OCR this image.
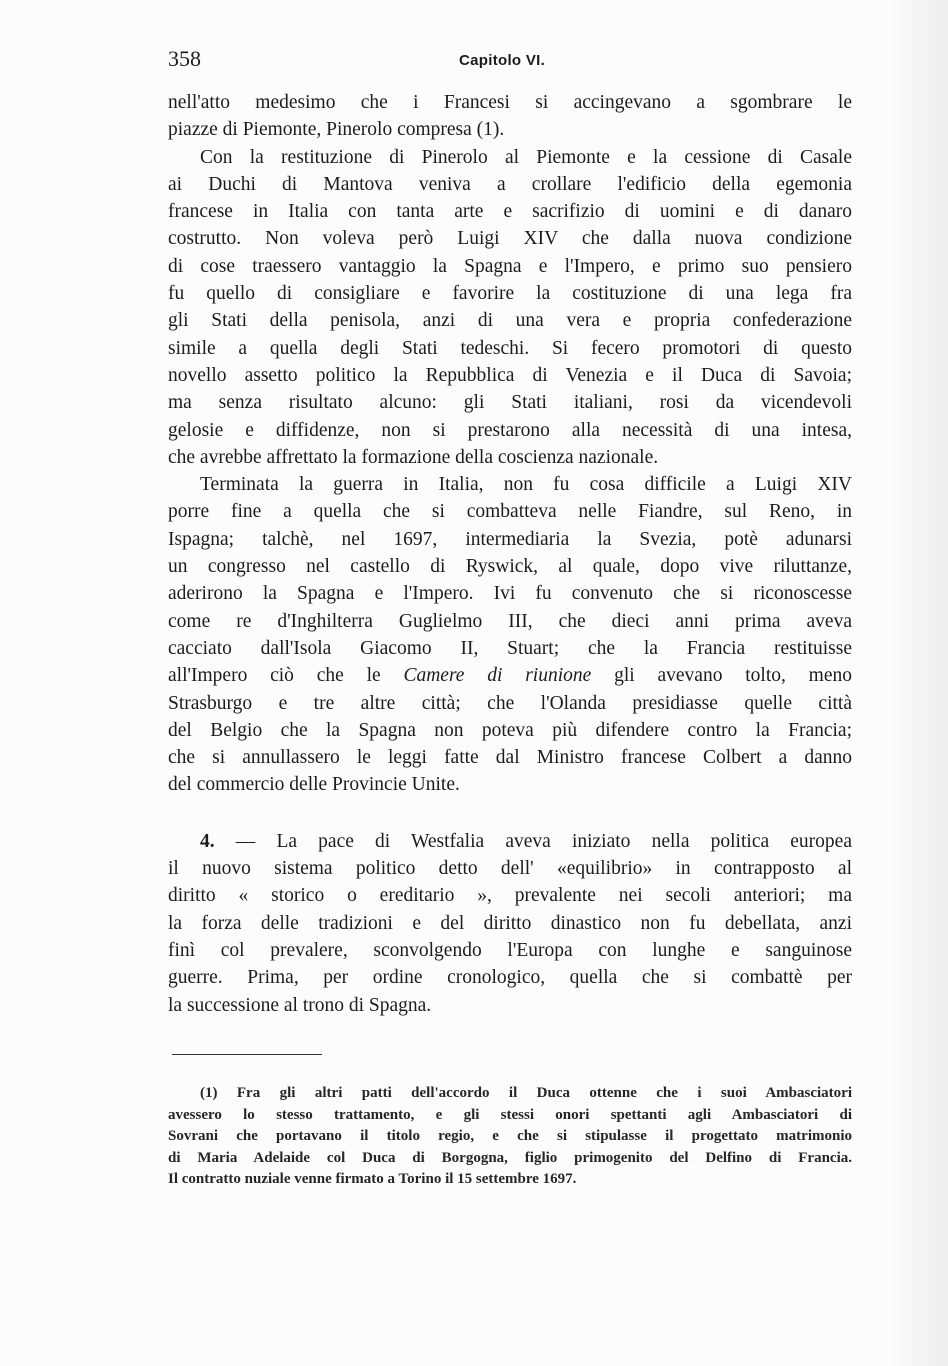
358	Capitolo VI.
nell'atto medesimo che i Francesi si accingevano a sgombrare le
piazze di Piemonte, Pinerolo compresa (1).
Con la restituzione di Pinerolo al Piemonte e la cessione di Casale
ai Duchi di Mantova veniva a crollare l'edificio della egemonia
francese in Italia con tanta arte e sacrifizio di uomini e di danaro
costrutto. Non voleva però Luigi XIV che dalla nuova condizione
di cose traessero vantaggio la Spagna e l'Impero, e primo suo pensiero
fu quello di consigliare e favorire la costituzione di una lega fra
gli Stati della penisola, anzi di una vera e propria confederazione
simile a quella degli Stati tedeschi. Si fecero promotori di questo
novello assetto politico la Repubblica di Venezia e il Duca di Savoia;
ma senza risultato alcuno: gli Stati italiani, rosi da vicendevoli
gelosie e diffidenze, non si prestarono alla necessità di una intesa,
che avrebbe affrettato la formazione della coscienza nazionale.
Terminata la guerra in Italia, non fu cosa difficile a Luigi XIV
porre fine a quella che si combatteva nelle Fiandre, sul Reno, in
Ispagna; talchè, nel 1697, intermediaria la Svezia, potè adunarsi
un congresso nel castello di Ryswick, al quale, dopo vive riluttanze,
aderirono la Spagna e l'Impero. Ivi fu convenuto che si riconoscesse
come re d'Inghilterra Guglielmo III, che dieci anni prima aveva
cacciato dall'Isola Giacomo II, Stuart; che la Francia restituisse
all'Impero ciò che le Camere di riunione gli avevano tolto, meno
Strasburgo e tre altre città; che l'Olanda presidiasse quelle città
del Belgio che la Spagna non poteva più difendere contro la Francia;
che si annullassero le leggi fatte dal Ministro francese Colbert a danno
del commercio delle Provincie Unite.
4. — La pace di Westfalia aveva iniziato nella politica europea
il nuovo sistema politico detto dell' «equilibrio» in contrapposto al
diritto « storico o ereditario », prevalente nei secoli anteriori; ma
la forza delle tradizioni e del diritto dinastico non fu debellata, anzi
finì col prevalere, sconvolgendo l'Europa con lunghe e sanguinose
guerre. Prima, per ordine cronologico, quella che si combattè per
la successione al trono di Spagna.
(1) Fra gli altri patti dell'accordo il Duca ottenne che i suoi Ambasciatori
avessero lo stesso trattamento, e gli stessi onori spettanti agli Ambasciatori di
Sovrani che portavano il titolo regio, e che si stipulasse il progettato matrimonio
di Maria Adelaide col Duca di Borgogna, figlio primogenito del Delfino di Francia.
Il contratto nuziale venne firmato a Torino il 15 settembre 1697.
